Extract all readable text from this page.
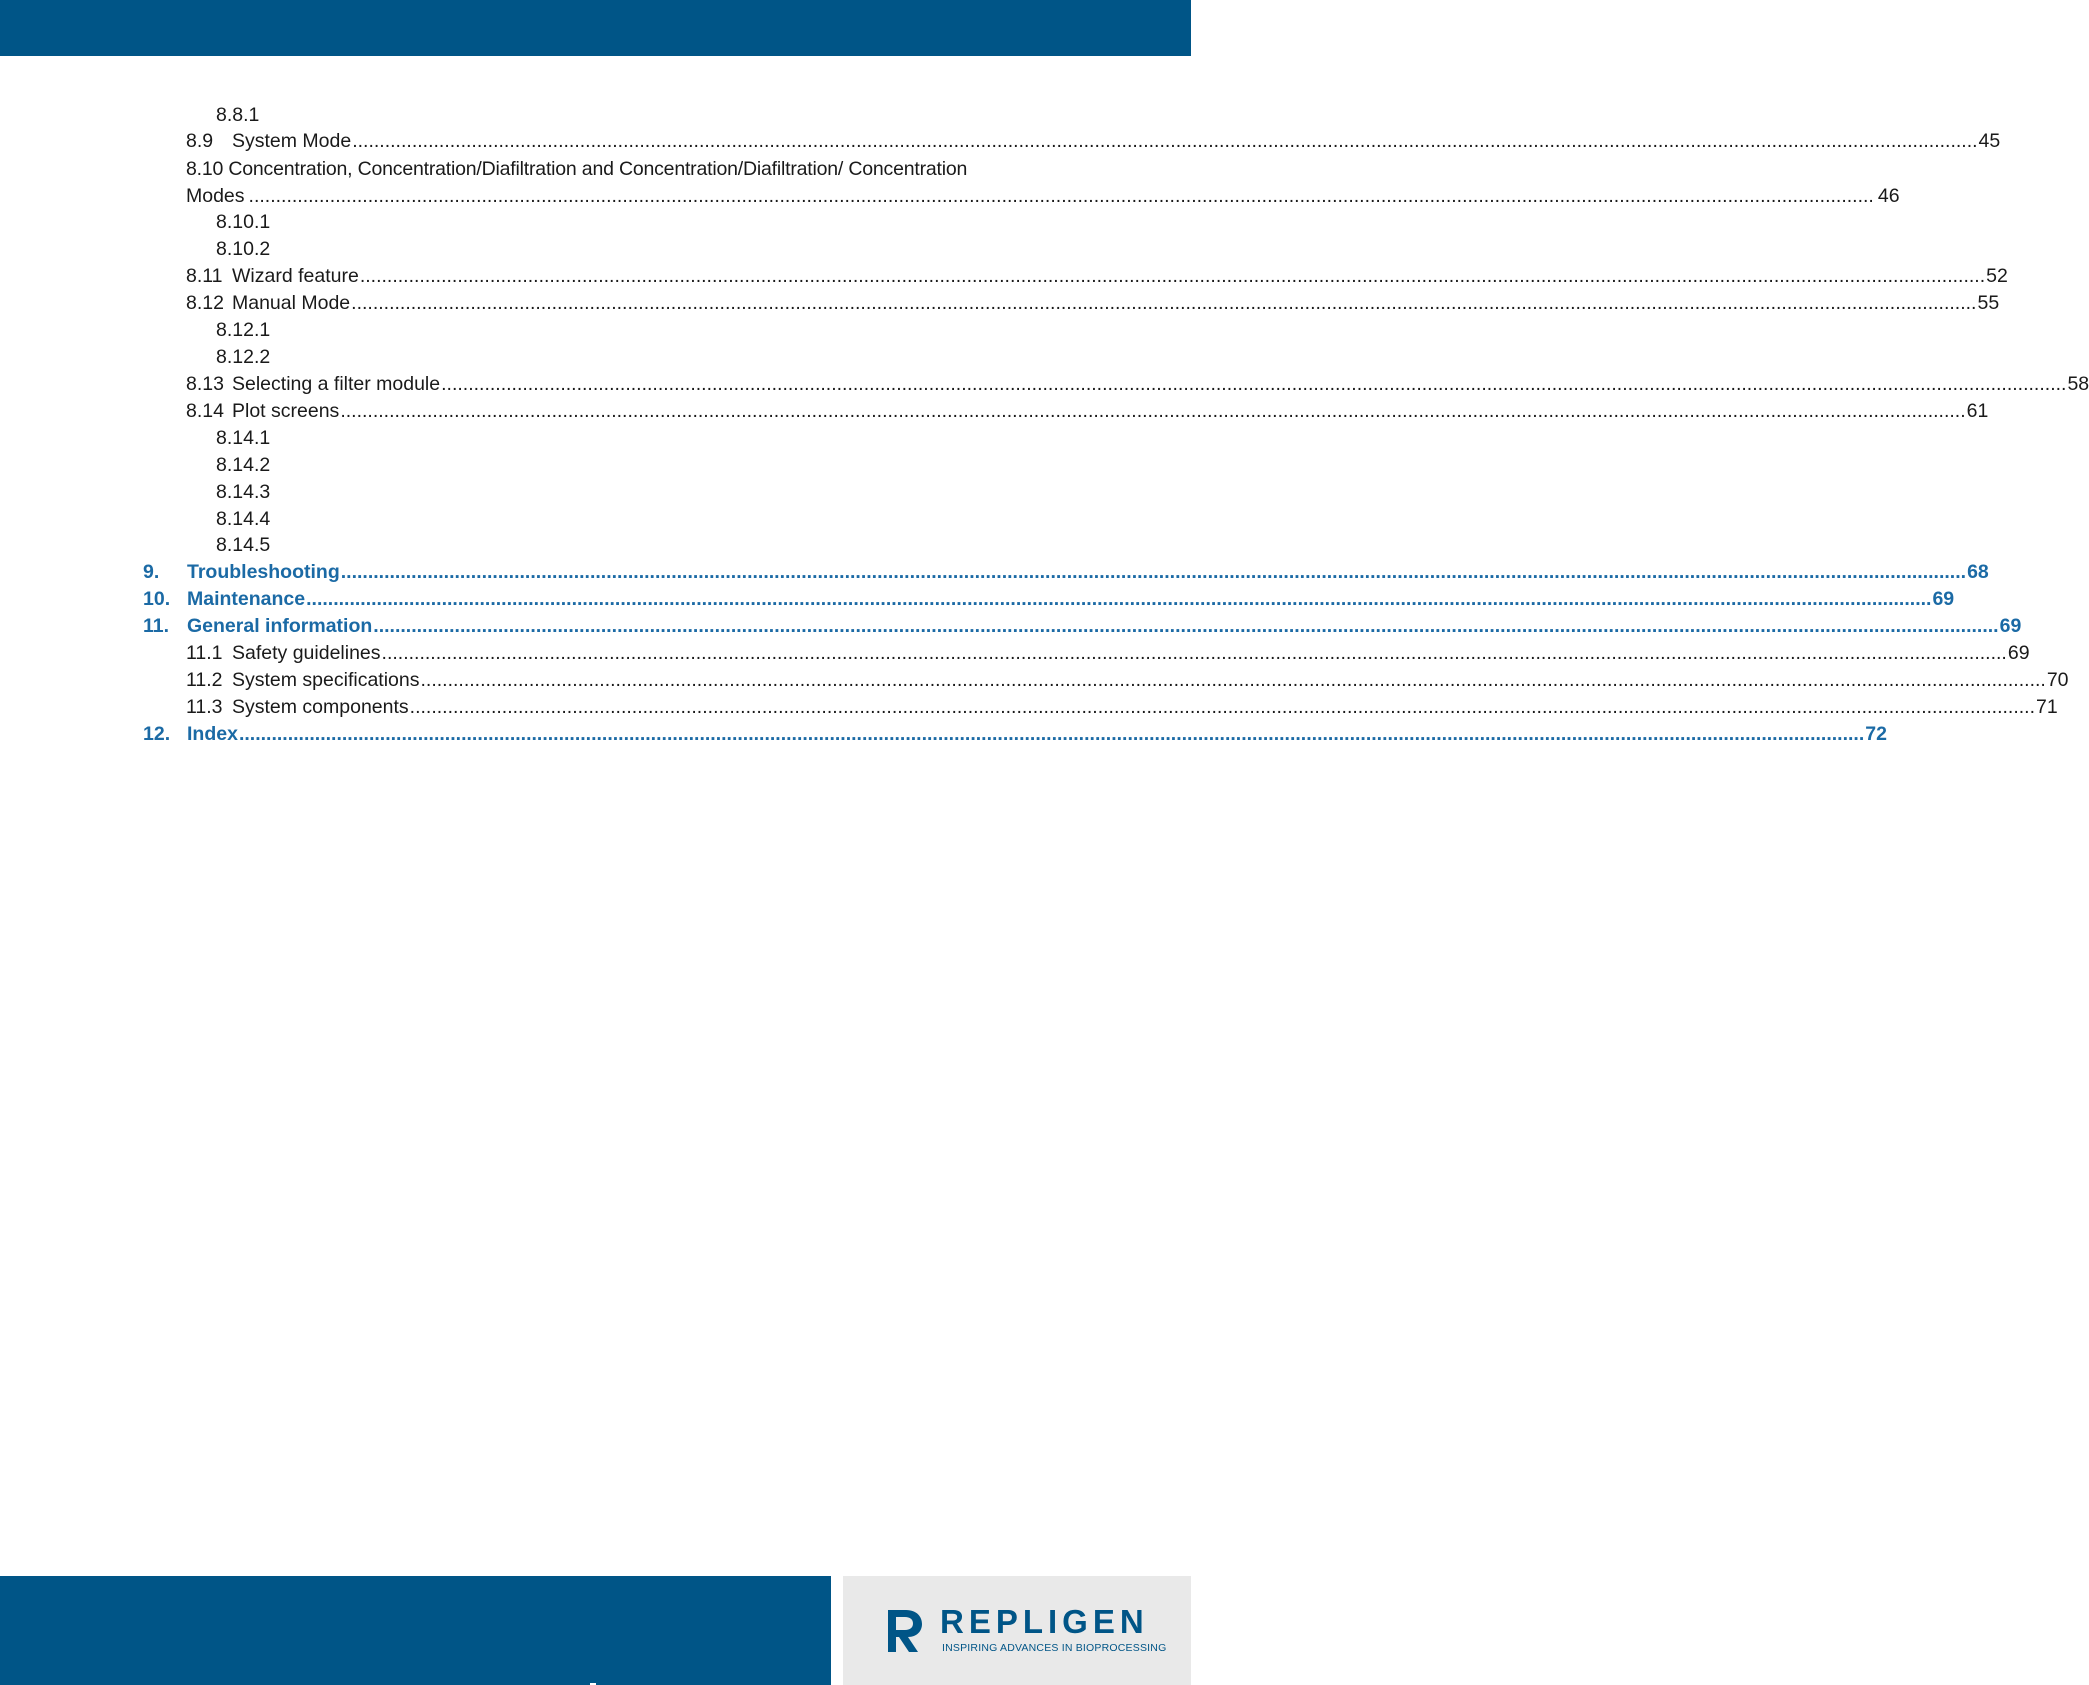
8.8.1
8.9 System Mode ............................................................................................................................................................................................................................................................................................................ 45
8.10 Concentration, Concentration/Diafiltration and Concentration/Diafiltration/ Concentration
Modes ............................................................................................................................................................................................................................................................................................................ 46
8.10.1
8.10.2
8.11 Wizard feature ............................................................................................................................................................................................................................................................................................................ 52
8.12 Manual Mode ............................................................................................................................................................................................................................................................................................................ 55
8.12.1
8.12.2
8.13 Selecting a filter module ............................................................................................................................................................................................................................................................................................................ 58
8.14 Plot screens ............................................................................................................................................................................................................................................................................................................ 61
8.14.1
8.14.2
8.14.3
8.14.4
8.14.5
9.	Troubleshooting ............................................................................................................................................................................................................................................................................................................ 68
10. Maintenance ............................................................................................................................................................................................................................................................................................................ 69
11. General information ............................................................................................................................................................................................................................................................................................................ 69
11.1 Safety guidelines ............................................................................................................................................................................................................................................................................................................ 69
11.2 System specifications ............................................................................................................................................................................................................................................................................................................ 70
11.3 System components ............................................................................................................................................................................................................................................................................................................ 71
12. Index ............................................................................................................................................................................................................................................................................................................ 72
REPLIGEN
INSPIRING ADVANCES IN BIOPROCESSING
